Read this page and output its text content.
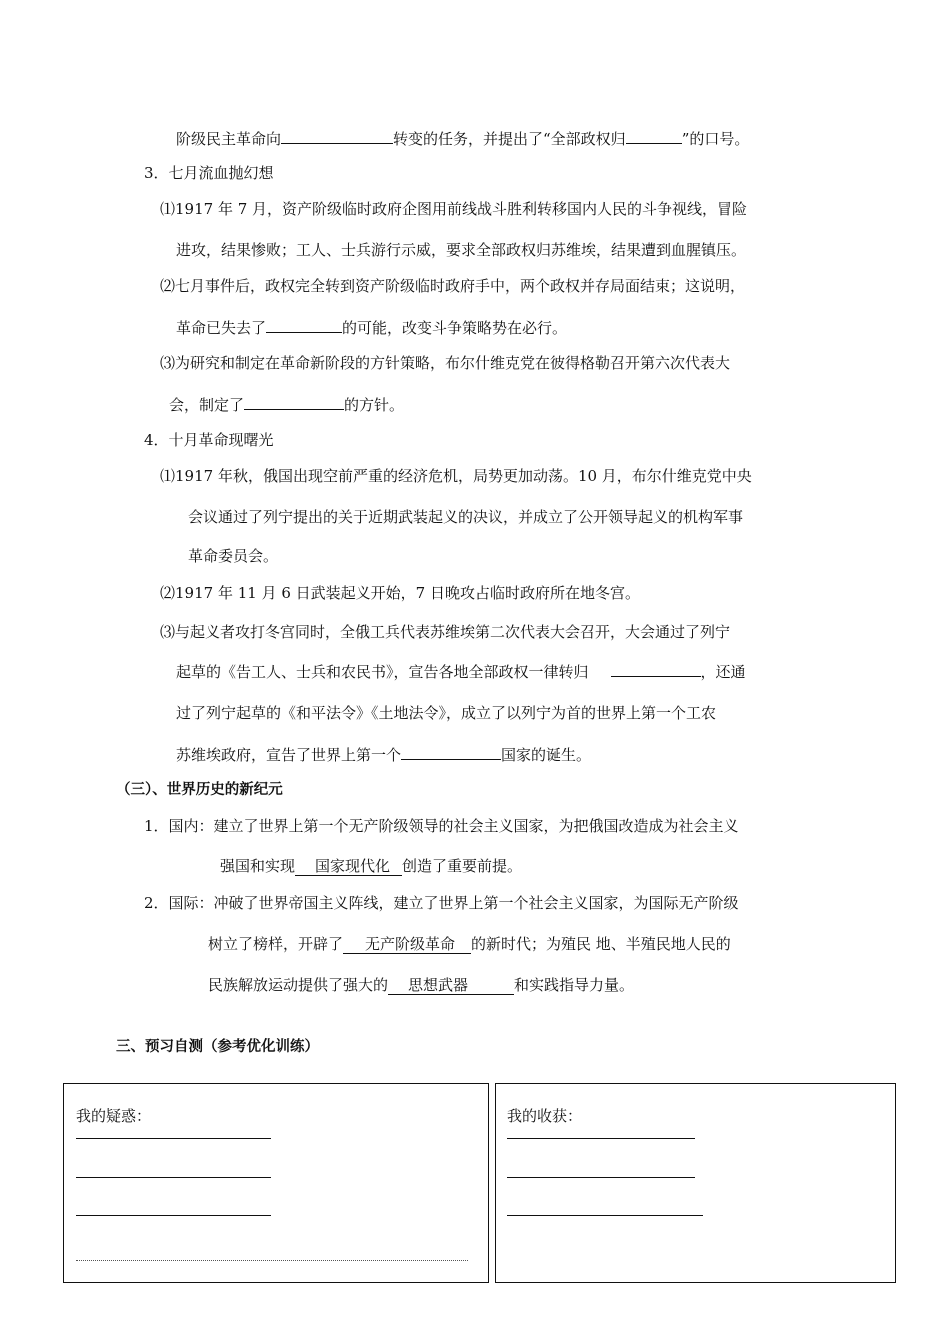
阶级民主革命向	转变的任务，并提出了“全部政权归	”的口号。
3．七月流血抛幻想
⑴1917 年 7 月，资产阶级临时政府企图用前线战斗胜利转移国内人民的斗争视线，冒险
进攻，结果惨败；工人、士兵游行示威，要求全部政权归苏维埃，结果遭到血腥镇压。
⑵七月事件后，政权完全转到资产阶级临时政府手中，两个政权并存局面结束；这说明，
革命已失去了	的可能，改变斗争策略势在必行。
⑶为研究和制定在革命新阶段的方针策略，布尔什维克党在彼得格勒召开第六次代表大
会，制定了	的方针。
4．十月革命现曙光
⑴1917 年秋，俄国出现空前严重的经济危机，局势更加动荡。10 月，布尔什维克党中央
会议通过了列宁提出的关于近期武装起义的决议，并成立了公开领导起义的机构军事
革命委员会。
⑵1917 年 11 月 6 日武装起义开始，7 日晚攻占临时政府所在地冬宫。
⑶与起义者攻打冬宫同时，全俄工兵代表苏维埃第二次代表大会召开，大会通过了列宁
起草的《告工人、士兵和农民书》，宣告各地全部政权一律转归	，还通
过了列宁起草的《和平法令》《土地法令》，成立了以列宁为首的世界上第一个工农
苏维埃政府，宣告了世界上第一个	国家的诞生。
（三）、世界历史的新纪元
1．国内：建立了世界上第一个无产阶级领导的社会主义国家，为把俄国改造成为社会主义
强国和实现 国家现代化 创造了重要前提。
2．国际：冲破了世界帝国主义阵线，建立了世界上第一个社会主义国家，为国际无产阶级
树立了榜样，开辟了 无产阶级革命 的新时代；为殖民 地、半殖民地人民的
民族解放运动提供了强大的 思想武器	和实践指导力量。
三、预习自测（参考优化训练）
我的疑惑：	我的收获：
